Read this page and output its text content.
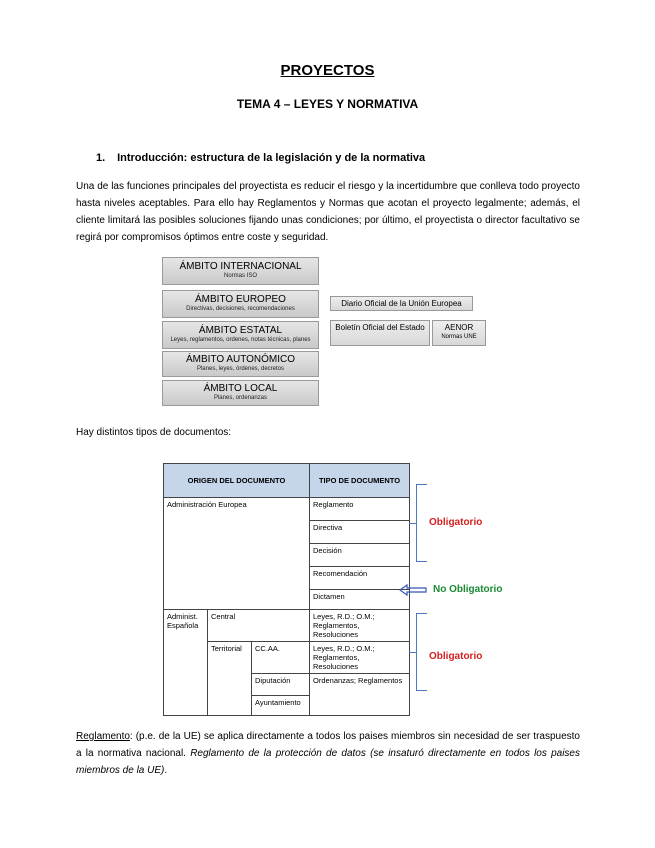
PROYECTOS
TEMA 4 – LEYES Y NORMATIVA
1. Introducción: estructura de la legislación y de la normativa
Una de las funciones principales del proyectista es reducir el riesgo y la incertidumbre que conlleva todo proyecto hasta niveles aceptables. Para ello hay Reglamentos y Normas que acotan el proyecto legalmente; además, el cliente limitará las posibles soluciones fijando unas condiciones; por último, el proyectista o director facultativo se regirá por compromisos óptimos entre coste y seguridad.
ÁMBITO INTERNACIONAL
Normas ISO
ÁMBITO EUROPEO
Directivas, decisiones, recomendaciones
ÁMBITO ESTATAL
Leyes, reglamentos, ordenes, notas técnicas, planes
ÁMBITO AUTONÓMICO
Planes, leyes, órdenes, decretos
ÁMBITO LOCAL
Planes, ordenanzas
Diario Oficial de la Unión Europea
Boletín Oficial del Estado	AENOR
Normas UNE
Hay distintos tipos de documentos:
ORIGEN DEL DOCUMENTO			TIPO DE DOCUMENTO
Administración Europea			Reglamento
			Directiva
			Decisión
			Recomendación
			Dictamen
Administ. Española	Central		Leyes, R.D.; O.M.; Reglamentos, Resoluciones
	Territorial	CC.AA.	Leyes, R.D.; O.M.; Reglamentos, Resoluciones
		Diputación	Ordenanzas; Reglamentos
		Ayuntamiento	
Obligatorio
No Obligatorio
Obligatorio
Reglamento: (p.e. de la UE) se aplica directamente a todos los paises miembros sin necesidad de ser traspuesto a la normativa nacional. Reglamento de la protección de datos (se insaturó directamente en todos los paises miembros de la UE).
